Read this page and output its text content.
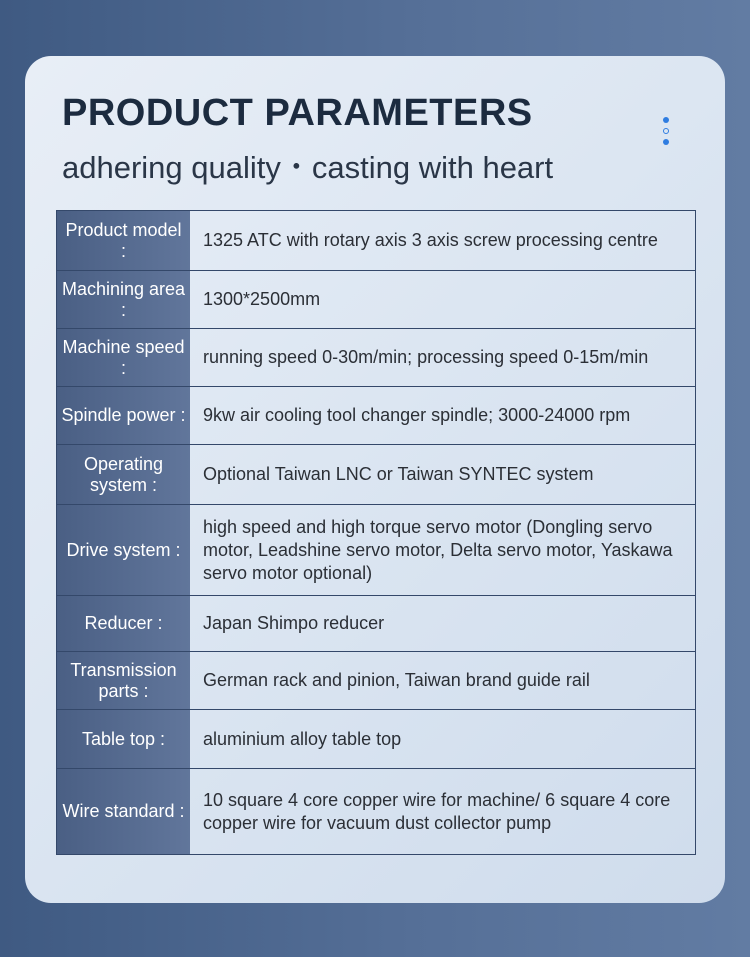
PRODUCT PARAMETERS
adhering quality・casting with heart
Product model :
1325 ATC with rotary axis 3 axis screw processing centre
Machining area :
1300*2500mm
Machine speed :
running speed 0-30m/min; processing speed 0-15m/min
Spindle power : 9kw air cooling tool changer spindle; 3000-24000 rpm
Operating system :
Optional Taiwan LNC or Taiwan SYNTEC system
Drive system :
high speed and high torque servo motor (Dongling servo motor, Leadshine servo motor, Delta servo motor, Yaskawa servo motor optional)
Reducer :	Japan Shimpo reducer
Transmission parts :
German rack and pinion, Taiwan brand guide rail
Table top :	aluminium alloy table top
Wire standard :
10 square 4 core copper wire for machine/ 6 square 4 core copper wire for vacuum dust collector pump
